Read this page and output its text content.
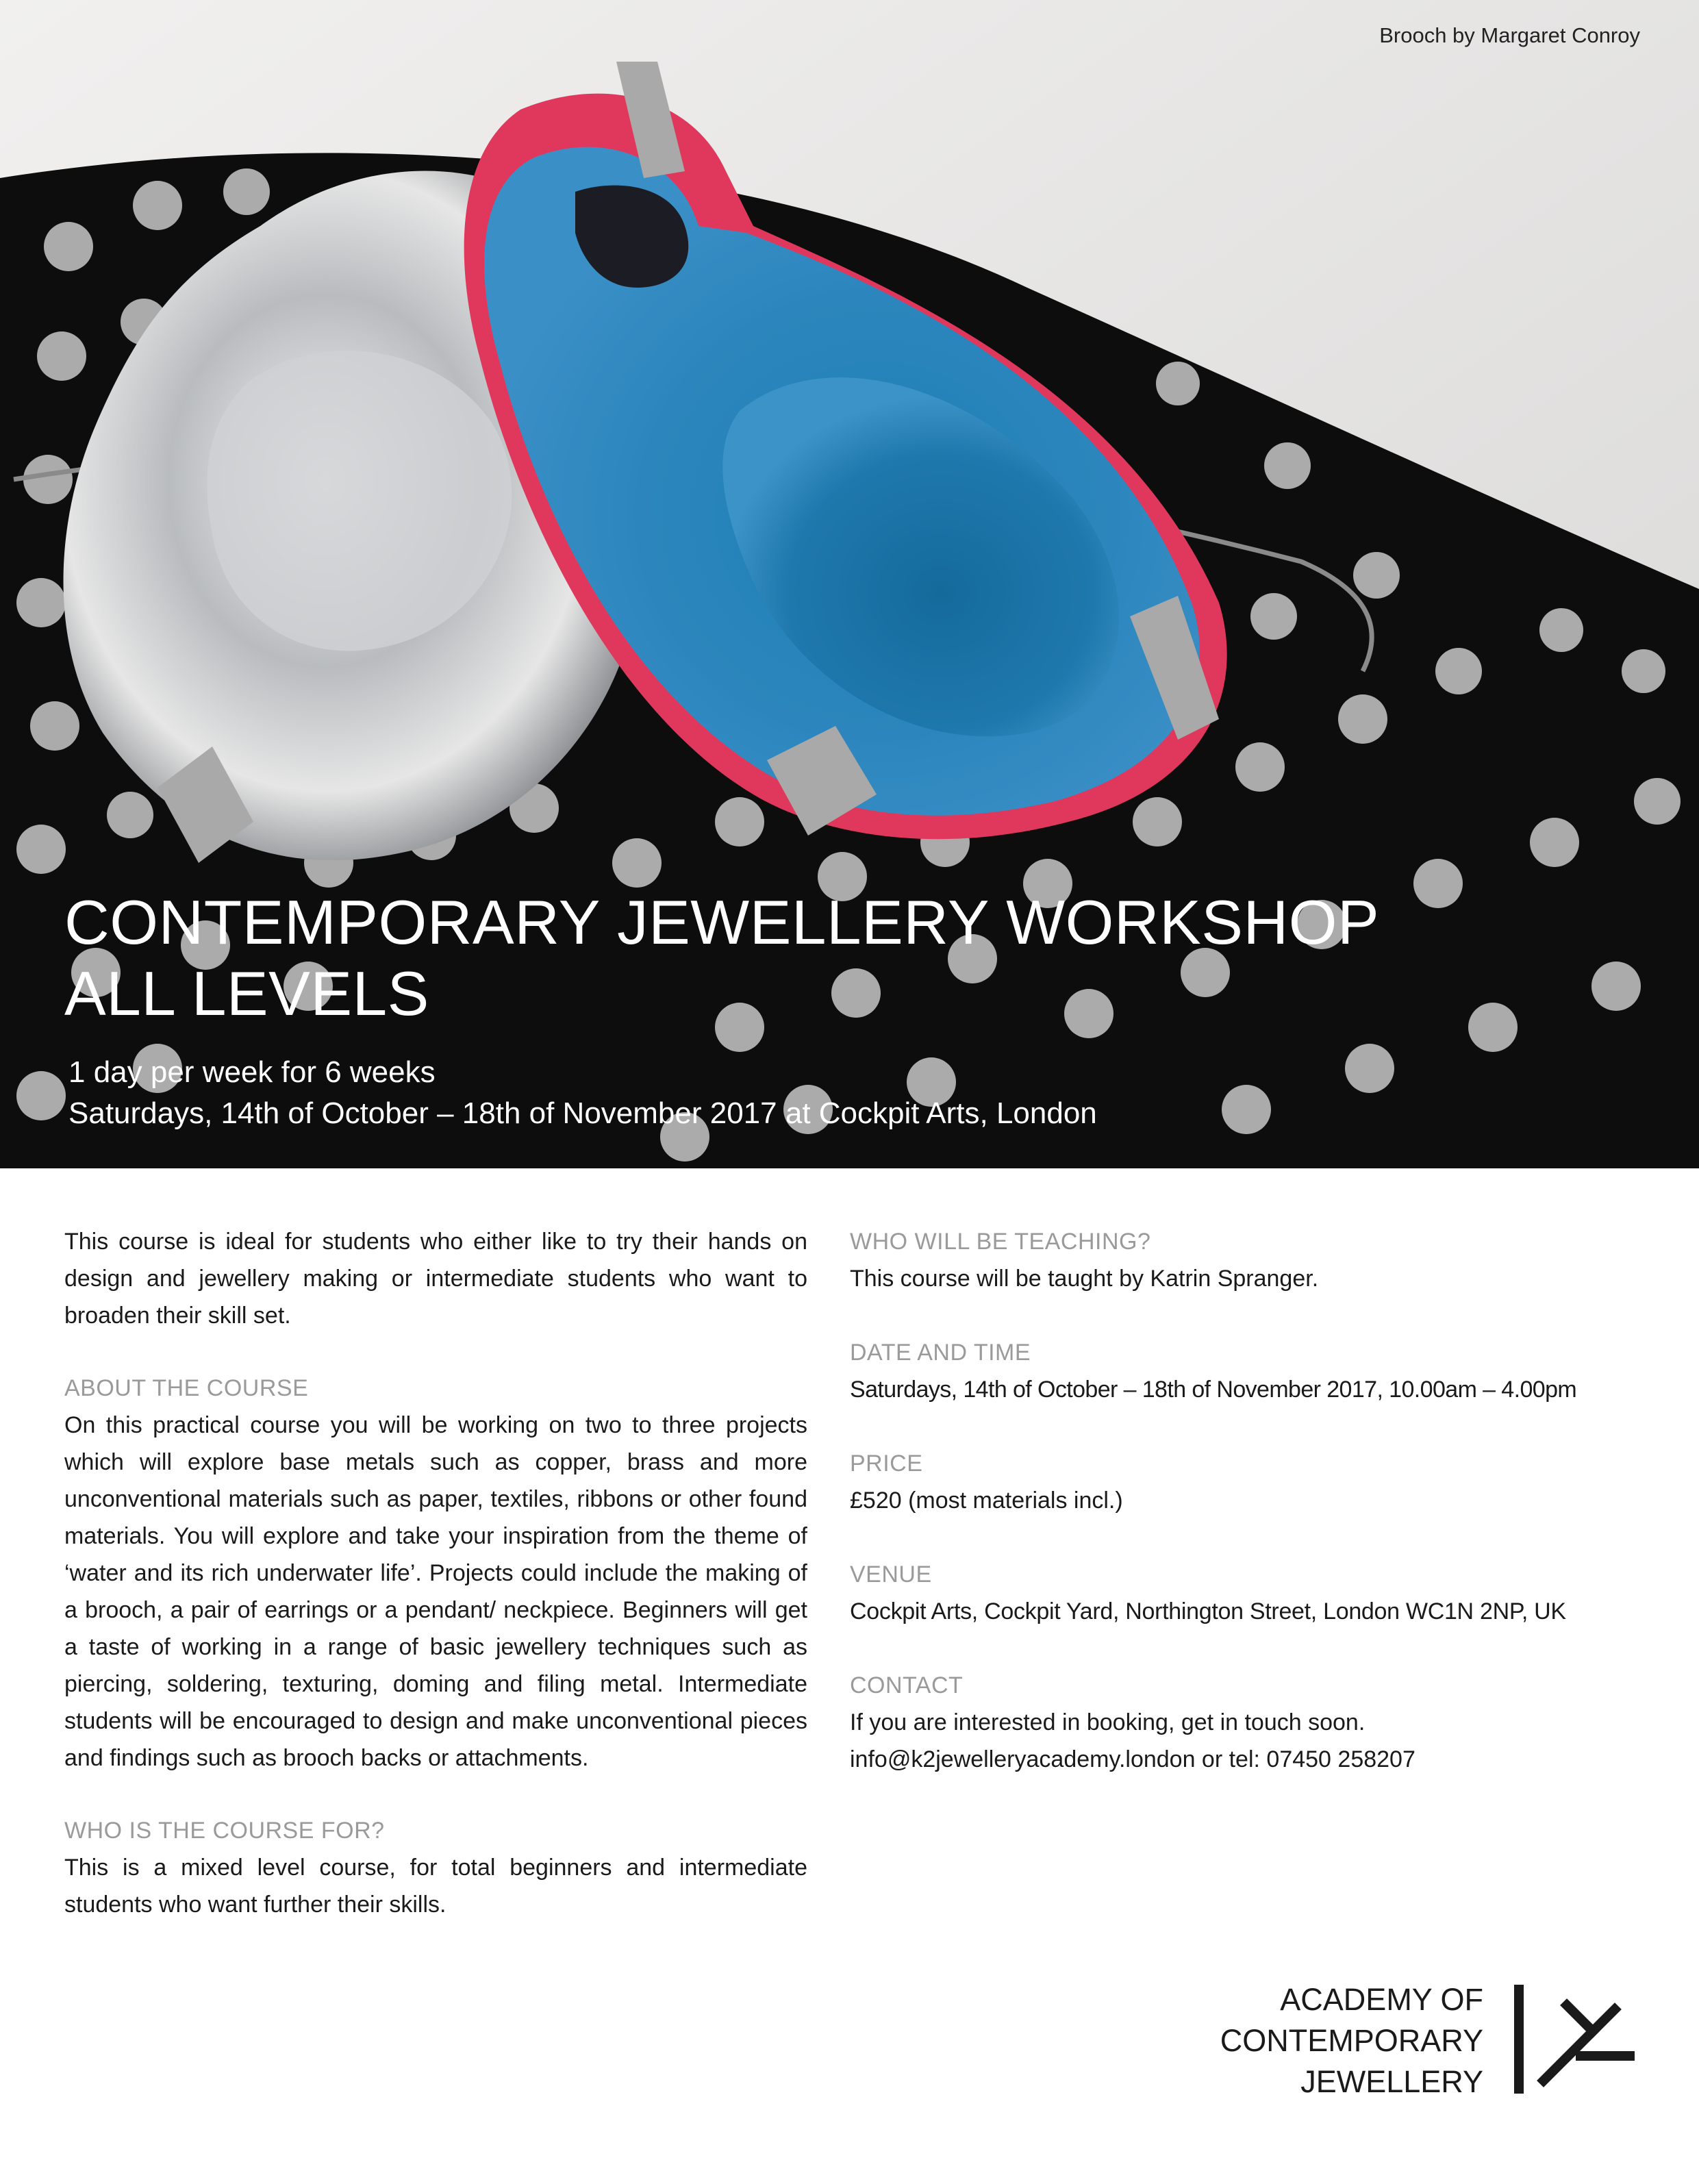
Brooch by Margaret Conroy
CONTEMPORARY JEWELLERY WORKSHOP
ALL LEVELS
1 day per week for 6 weeks
Saturdays, 14th of October – 18th of November 2017 at Cockpit Arts, London

This course is ideal for students who either like to try their hands on design and jewellery making or intermediate students who want to broaden their skill set.

ABOUT THE COURSE

On this practical course you will be working on two to three projects which will explore base metals such as copper, brass and more unconventional materials such as paper, textiles, ribbons or other found materials. You will explore and take your inspiration from the theme of ‘water and its rich underwater life’. Projects could include the making of a brooch, a pair of earrings or a pendant/ neckpiece. Beginners will get a taste of working in a range of basic jewellery techniques such as piercing, soldering, texturing, doming and filing metal. Intermediate students will be encouraged to design and make unconventional pieces and findings such as brooch backs or attachments.

WHO IS THE COURSE FOR?

This is a mixed level course, for total beginners and intermediate students who want further their skills.

WHO WILL BE TEACHING?
This course will be taught by Katrin Spranger.
DATE AND TIME
Saturdays, 14th of October – 18th of November 2017, 10.00am – 4.00pm
PRICE
£520 (most materials incl.)
VENUE
Cockpit Arts, Cockpit Yard, Northington Street, London WC1N 2NP, UK
CONTACT
If you are interested in booking, get in touch soon.
info@k2jewelleryacademy.london or tel: 07450 258207
ACADEMY OF
CONTEMPORARY
JEWELLERY
